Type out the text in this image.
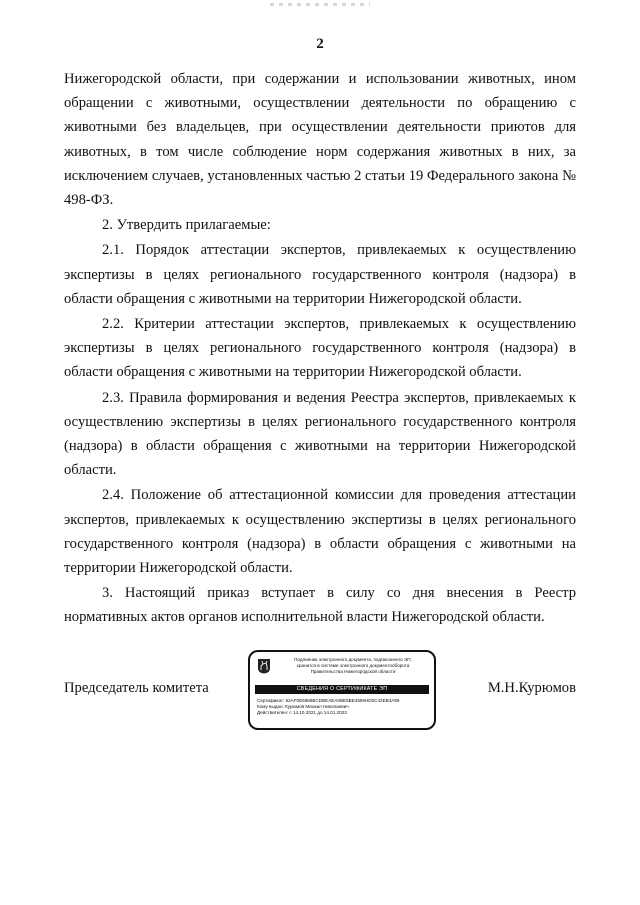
2

Нижегородской области, при содержании и использовании животных, ином обращении с животными, осуществлении деятельности по обращению с животными без владельцев, при осуществлении деятельности приютов для животных, в том числе соблюдение норм содержания животных в них, за исключением случаев, установленных частью 2 статьи 19 Федерального закона № 498-ФЗ.

2. Утвердить прилагаемые:

2.1. Порядок аттестации экспертов, привлекаемых к осуществлению экспертизы в целях регионального государственного контроля (надзора) в области обращения с животными на территории Нижегородской области.

2.2. Критерии аттестации экспертов, привлекаемых к осуществлению экспертизы в целях регионального государственного контроля (надзора) в области обращения с животными на территории Нижегородской области.

2.3. Правила формирования и ведения Реестра экспертов, привлекаемых к осуществлению экспертизы в целях регионального государственного контроля (надзора) в области обращения с животными на территории Нижегородской области.

2.4. Положение об аттестационной комиссии для проведения аттестации экспертов, привлекаемых к осуществлению экспертизы в целях регионального государственного контроля (надзора) в области обращения с животными на территории Нижегородской области.

3. Настоящий приказ вступает в силу со дня внесения в Реестр нормативных актов органов исполнительной власти Нижегородской области.

Председатель комитета	М.Н.Курюмов
Подлинник электронного документа, подписанного ЭП,
хранится в системе электронного документооборота
Правительства Нижегородской области
СВЕДЕНИЯ О СЕРТИФИКАТЕ ЭП
Сертификат: 62AF0E6858BCDBEAEA0BE5BE4559HD0C42EB4A59
Кому выдан: Курюмов Михаил Николаевич
Действителен: с 14.10.2021 до 14.01.2023
